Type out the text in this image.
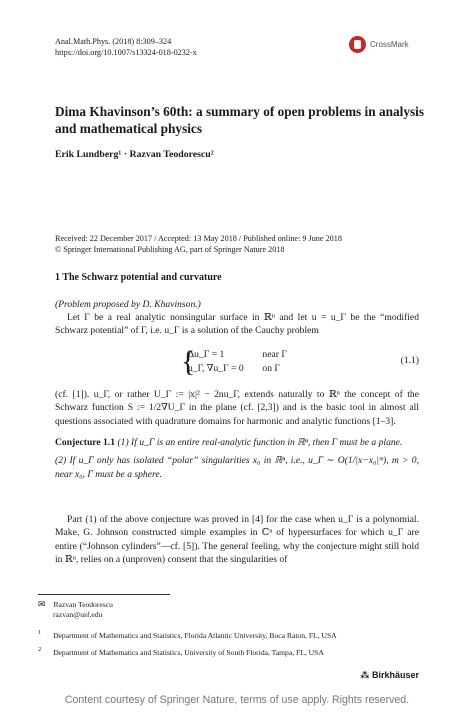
Anal.Math.Phys. (2018) 8:309–324
https://doi.org/10.1007/s13324-018-0232-x
CrossMark
Dima Khavinson’s 60th: a summary of open problems in analysis and mathematical physics
Erik Lundberg¹ · Razvan Teodorescu²
Received: 22 December 2017 / Accepted: 13 May 2018 / Published online: 9 June 2018
© Springer International Publishing AG, part of Springer Nature 2018
1 The Schwarz potential and curvature
(Problem proposed by D. Khavinson.)
Let Γ be a real analytic nonsingular surface in ℝⁿ and let u = u_Γ be the “modified Schwarz potential” of Γ, i.e. u_Γ is a solution of the Cauchy problem
{
Δu_Γ = 1	near Γ
u_Γ, ∇u_Γ = 0 on Γ
(1.1)
(cf. [1]). u_Γ, or rather U_Γ := |x|² − 2nu_Γ, extends naturally to ℝⁿ the concept of the Schwarz function S := 1/2∇U_Γ in the plane (cf. [2,3]) and is the basic tool in almost all questions associated with quadrature domains for harmonic and analytic functions [1–3].
Conjecture 1.1 (1) If u_Γ is an entire real-analytic function in ℝⁿ, then Γ must be a plane.
(2) If u_Γ only has isolated “polar” singularities x₀ in ℝⁿ, i.e., u_Γ ∼ O(1/|x−x₀|ᵐ), m > 0, near x₀, Γ must be a sphere.
Part (1) of the above conjecture was proved in [4] for the case when u_Γ is a polynomial. Make, G. Johnson constructed simple examples in ℂⁿ of hypersurfaces for which u_Γ are entire (“Johnson cylinders”—cf. [5]). The general feeling, why the conjecture might still hold in ℝⁿ, relies on a (unproven) consent that the singularities of
✉ Razvan Teodorescu
razvan@usf.edu
$^1$ Department of Mathematics and Statistics, Florida Atlantic University, Boca Raton, FL, USA
$^2$ Department of Mathematics and Statistics, University of South Florida, Tampa, FL, USA
⁂ Birkhäuser
Content courtesy of Springer Nature, terms of use apply. Rights reserved.
